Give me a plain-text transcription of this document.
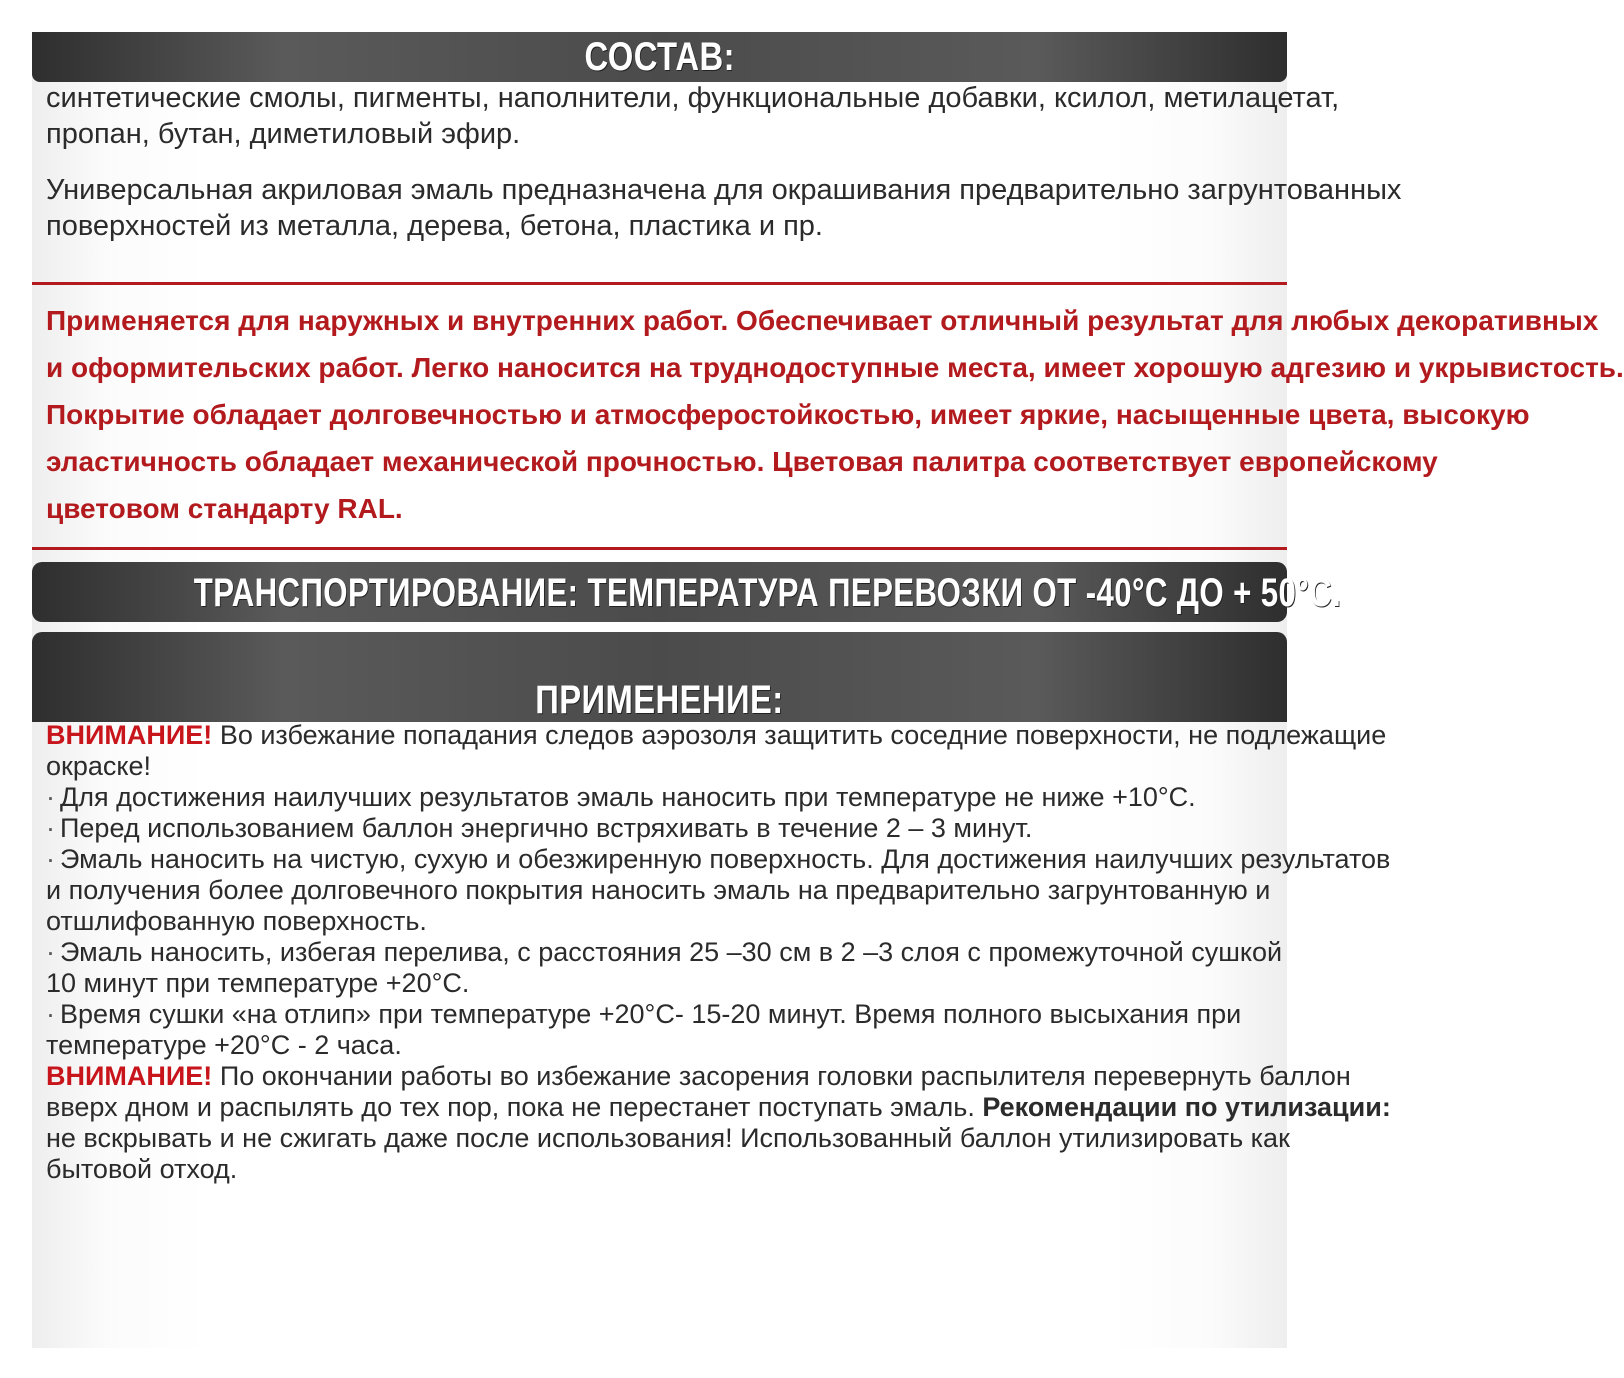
СОСТАВ:
синтетические смолы, пигменты, наполнители, функциональные добавки, ксилол, метилацетат,
пропан, бутан, диметиловый эфир.
Универсальная акриловая эмаль предназначена для окрашивания предварительно загрунтованных
поверхностей из металла, дерева, бетона, пластика и пр.
Применяется для наружных и внутренних работ. Обеспечивает отличный результат для любых декоративных
и оформительских работ. Легко наносится на труднодоступные места, имеет хорошую адгезию и укрывистость.
Покрытие обладает долговечностью и атмосферостойкостью, имеет яркие, насыщенные цвета, высокую
эластичность обладает механической прочностью. Цветовая палитра соответствует европейскому
цветовом стандарту RAL.
ТРАНСПОРТИРОВАНИЕ: ТЕМПЕРАТУРА ПЕРЕВОЗКИ ОТ -40°С ДО + 50°С.
ПРИМЕНЕНИЕ:
ВНИМАНИЕ! Во избежание попадания следов аэрозоля защитить соседние поверхности, не подлежащие
окраске!
· Для достижения наилучших результатов эмаль наносить при температуре не ниже +10°С.
· Перед использованием баллон энергично встряхивать в течение 2 – 3 минут.
· Эмаль наносить на чистую, сухую и обезжиренную поверхность. Для достижения наилучших результатов
и получения более долговечного покрытия наносить эмаль на предварительно загрунтованную и
отшлифованную поверхность.
· Эмаль наносить, избегая перелива, с расстояния 25 –30 см в 2 –3 слоя с промежуточной сушкой
10 минут при температуре +20°С.
· Время сушки «на отлип» при температуре +20°С- 15-20 минут. Время полного высыхания при
температуре +20°С - 2 часа.
ВНИМАНИЕ! По окончании работы во избежание засорения головки распылителя перевернуть баллон
вверх дном и распылять до тех пор, пока не перестанет поступать эмаль. Рекомендации по утилизации:
не вскрывать и не сжигать даже после использования! Использованный баллон утилизировать как
бытовой отход.
